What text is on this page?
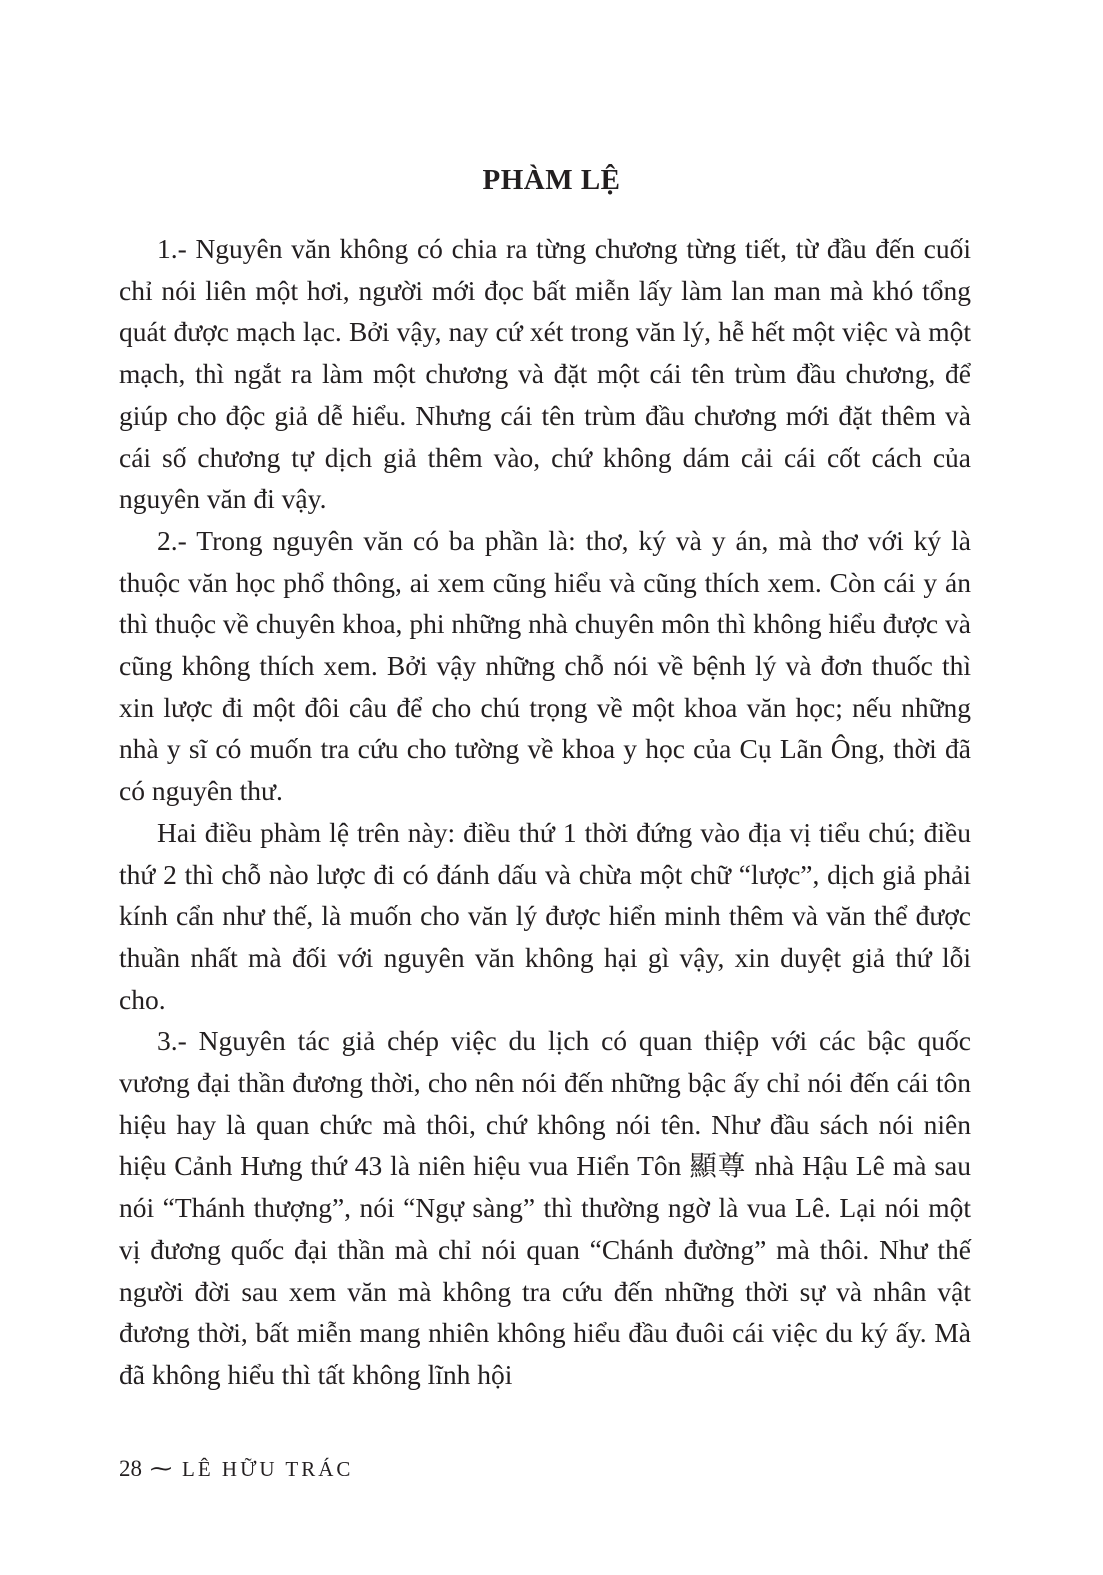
PHÀM LỆ

1.- Nguyên văn không có chia ra từng chương từng tiết, từ đầu đến cuối chỉ nói liên một hơi, người mới đọc bất miễn lấy làm lan man mà khó tổng quát được mạch lạc. Bởi vậy, nay cứ xét trong văn lý, hễ hết một việc và một mạch, thì ngắt ra làm một chương và đặt một cái tên trùm đầu chương, để giúp cho độc giả dễ hiểu. Nhưng cái tên trùm đầu chương mới đặt thêm và cái số chương tự dịch giả thêm vào, chứ không dám cải cái cốt cách của nguyên văn đi vậy.

2.- Trong nguyên văn có ba phần là: thơ, ký và y án, mà thơ với ký là thuộc văn học phổ thông, ai xem cũng hiểu và cũng thích xem. Còn cái y án thì thuộc về chuyên khoa, phi những nhà chuyên môn thì không hiểu được và cũng không thích xem. Bởi vậy những chỗ nói về bệnh lý và đơn thuốc thì xin lược đi một đôi câu để cho chú trọng về một khoa văn học; nếu những nhà y sĩ có muốn tra cứu cho tường về khoa y học của Cụ Lãn Ông, thời đã có nguyên thư.

Hai điều phàm lệ trên này: điều thứ 1 thời đứng vào địa vị tiểu chú; điều thứ 2 thì chỗ nào lược đi có đánh dấu và chừa một chữ “lược”, dịch giả phải kính cẩn như thế, là muốn cho văn lý được hiển minh thêm và văn thể được thuần nhất mà đối với nguyên văn không hại gì vậy, xin duyệt giả thứ lỗi cho.

3.- Nguyên tác giả chép việc du lịch có quan thiệp với các bậc quốc vương đại thần đương thời, cho nên nói đến những bậc ấy chỉ nói đến cái tôn hiệu hay là quan chức mà thôi, chứ không nói tên. Như đầu sách nói niên hiệu Cảnh Hưng thứ 43 là niên hiệu vua Hiển Tôn 顯尊 nhà Hậu Lê mà sau nói “Thánh thượng”, nói “Ngự sàng” thì thường ngờ là vua Lê. Lại nói một vị đương quốc đại thần mà chỉ nói quan “Chánh đường” mà thôi. Như thế người đời sau xem văn mà không tra cứu đến những thời sự và nhân vật đương thời, bất miễn mang nhiên không hiểu đầu đuôi cái việc du ký ấy. Mà đã không hiểu thì tất không lĩnh hội

28 ⁓ LÊ HỮU TRÁC
